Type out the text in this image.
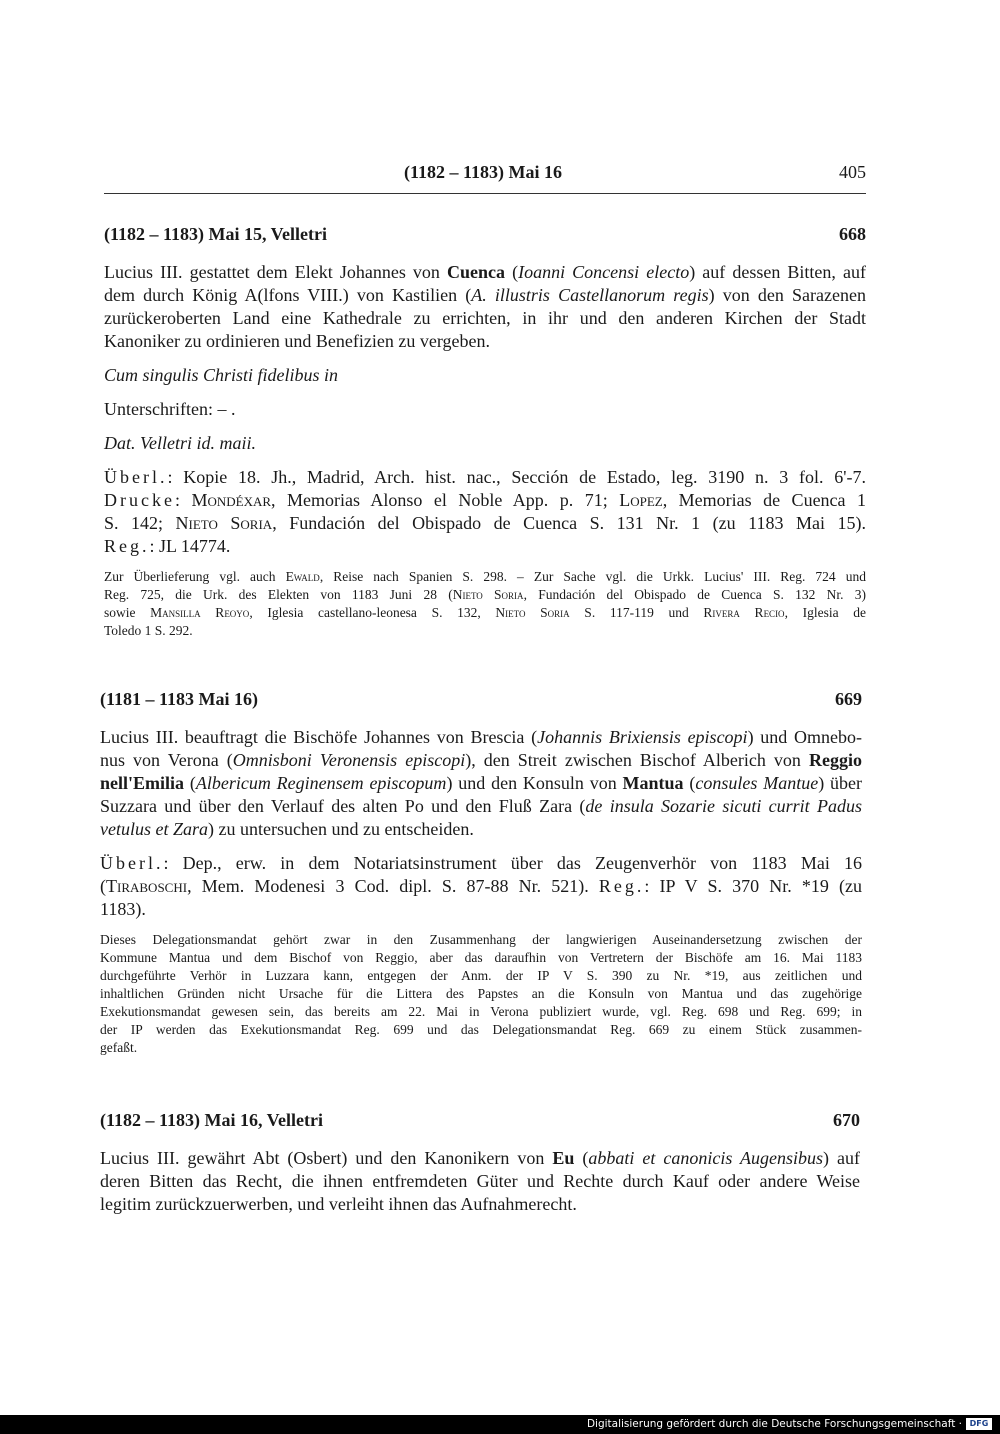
(1182 – 1183) Mai 16	405
(1182 – 1183) Mai 15, Velletri	668

Lucius III. gestattet dem Elekt Johannes von Cuenca (Ioanni Concensi electo) auf dessen Bitten, auf
dem durch König A(lfons VIII.) von Kastilien (A. illustris Castellanorum regis) von den Sarazenen
zurückeroberten Land eine Kathedrale zu errichten, in ihr und den anderen Kirchen der Stadt
Kanoniker zu ordinieren und Benefizien zu vergeben.

Cum singulis Christi fidelibus in

Unterschriften: – .

Dat. Velletri id. maii.

Überl.: Kopie 18. Jh., Madrid, Arch. hist. nac., Sección de Estado, leg. 3190 n. 3 fol. 6'-7.
Drucke: Mondéxar, Memorias Alonso el Noble App. p. 71; Lopez, Memorias de Cuenca 1
S. 142; Nieto Soria, Fundación del Obispado de Cuenca S. 131 Nr. 1 (zu 1183 Mai 15).
Reg.: JL 14774.

Zur Überlieferung vgl. auch Ewald, Reise nach Spanien S. 298. – Zur Sache vgl. die Urkk. Lucius' III. Reg. 724 und
Reg. 725, die Urk. des Elekten von 1183 Juni 28 (Nieto Soria, Fundación del Obispado de Cuenca S. 132 Nr. 3)
sowie Mansilla Reoyo, Iglesia castellano-leonesa S. 132, Nieto Soria S. 117-119 und Rivera Recio, Iglesia de
Toledo 1 S. 292.

(1181 – 1183 Mai 16)	669

Lucius III. beauftragt die Bischöfe Johannes von Brescia (Johannis Brixiensis episcopi) und Omnebo-
nus von Verona (Omnisboni Veronensis episcopi), den Streit zwischen Bischof Alberich von Reggio
nell'Emilia (Albericum Reginensem episcopum) und den Konsuln von Mantua (consules Mantue) über
Suzzara und über den Verlauf des alten Po und den Fluß Zara (de insula Sozarie sicuti currit Padus
vetulus et Zara) zu untersuchen und zu entscheiden.

Überl.: Dep., erw. in dem Notariatsinstrument über das Zeugenverhör von 1183 Mai 16
(Tiraboschi, Mem. Modenesi 3 Cod. dipl. S. 87-88 Nr. 521). Reg.: IP V S. 370 Nr. *19 (zu
1183).

Dieses Delegationsmandat gehört zwar in den Zusammenhang der langwierigen Auseinandersetzung zwischen der
Kommune Mantua und dem Bischof von Reggio, aber das daraufhin von Vertretern der Bischöfe am 16. Mai 1183
durchgeführte Verhör in Luzzara kann, entgegen der Anm. der IP V S. 390 zu Nr. *19, aus zeitlichen und
inhaltlichen Gründen nicht Ursache für die Littera des Papstes an die Konsuln von Mantua und das zugehörige
Exekutionsmandat gewesen sein, das bereits am 22. Mai in Verona publiziert wurde, vgl. Reg. 698 und Reg. 699; in
der IP werden das Exekutionsmandat Reg. 699 und das Delegationsmandat Reg. 669 zu einem Stück zusammen-
gefaßt.

(1182 – 1183) Mai 16, Velletri	670

Lucius III. gewährt Abt (Osbert) und den Kanonikern von Eu (abbati et canonicis Augensibus) auf
deren Bitten das Recht, die ihnen entfremdeten Güter und Rechte durch Kauf oder andere Weise
legitim zurückzuerwerben, und verleiht ihnen das Aufnahmerecht.

Digitalisierung gefördert durch die Deutsche Forschungsgemeinschaft · DFG
